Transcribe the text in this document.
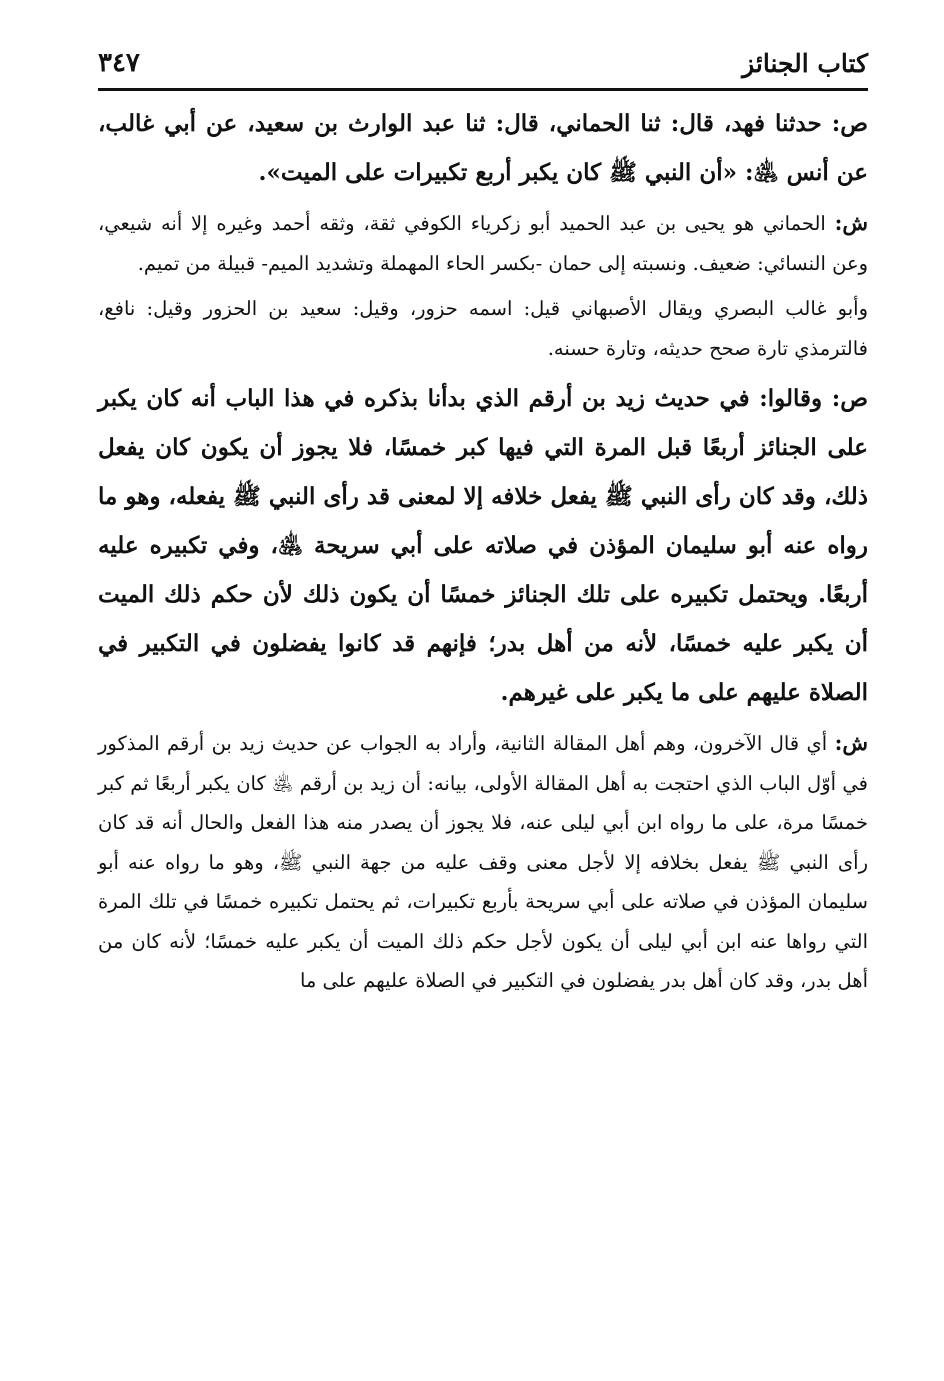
كتاب الجنائز
٣٤٧

ص: حدثنا فهد، قال: ثنا الحماني، قال: ثنا عبد الوارث بن سعيد، عن أبي غالب، عن أنس ﵁: «أن النبي ﷺ كان يكبر أربع تكبيرات على الميت».

ش: الحماني هو يحيى بن عبد الحميد أبو زكرياء الكوفي ثقة، وثقه أحمد وغيره إلا أنه شيعي، وعن النسائي: ضعيف. ونسبته إلى حمان -بكسر الحاء المهملة وتشديد الميم- قبيلة من تميم.

وأبو غالب البصري ويقال الأصبهاني قيل: اسمه حزور، وقيل: سعيد بن الحزور وقيل: نافع، فالترمذي تارة صحح حديثه، وتارة حسنه.

ص: وقالوا: في حديث زيد بن أرقم الذي بدأنا بذكره في هذا الباب أنه كان يكبر على الجنائز أربعًا قبل المرة التي فيها كبر خمسًا، فلا يجوز أن يكون كان يفعل ذلك، وقد كان رأى النبي ﷺ يفعل خلافه إلا لمعنى قد رأى النبي ﷺ يفعله، وهو ما رواه عنه أبو سليمان المؤذن في صلاته على أبي سريحة ﵁، وفي تكبيره عليه أربعًا. ويحتمل تكبيره على تلك الجنائز خمسًا أن يكون ذلك لأن حكم ذلك الميت أن يكبر عليه خمسًا، لأنه من أهل بدر؛ فإنهم قد كانوا يفضلون في التكبير في الصلاة عليهم على ما يكبر على غيرهم.

ش: أي قال الآخرون، وهم أهل المقالة الثانية، وأراد به الجواب عن حديث زيد بن أرقم المذكور في أوّل الباب الذي احتجت به أهل المقالة الأولى، بيانه: أن زيد بن أرقم ﵁ كان يكبر أربعًا ثم كبر خمسًا مرة، على ما رواه ابن أبي ليلى عنه، فلا يجوز أن يصدر منه هذا الفعل والحال أنه قد كان رأى النبي ﷺ يفعل بخلافه إلا لأجل معنى وقف عليه من جهة النبي ﷺ، وهو ما رواه عنه أبو سليمان المؤذن في صلاته على أبي سريحة بأربع تكبيرات، ثم يحتمل تكبيره خمسًا في تلك المرة التي رواها عنه ابن أبي ليلى أن يكون لأجل حكم ذلك الميت أن يكبر عليه خمسًا؛ لأنه كان من أهل بدر، وقد كان أهل بدر يفضلون في التكبير في الصلاة عليهم على ما
